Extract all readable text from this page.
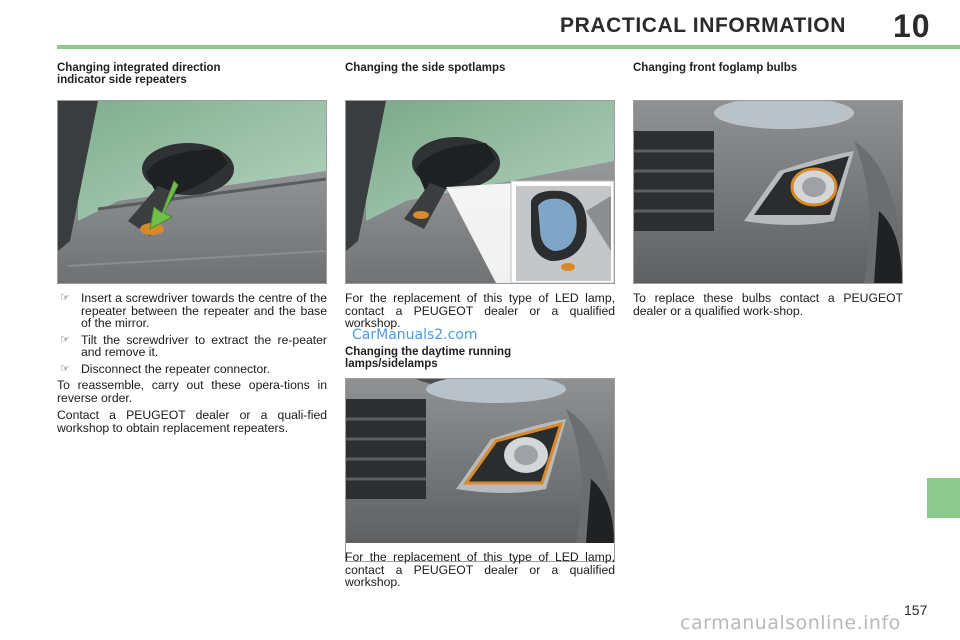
PRACTICAL INFORMATION 10
Changing integrated direction
indicator side repeaters
☞ Insert a screwdriver towards the centre of the repeater between the repeater and the base of the mirror.
☞ Tilt the screwdriver to extract the re-peater and remove it.
☞ Disconnect the repeater connector.

To reassemble, carry out these opera-tions in reverse order.

Contact a PEUGEOT dealer or a quali-fied workshop to obtain replacement repeaters.

Changing the side spotlamps

For the replacement of this type of LED lamp, contact a PEUGEOT dealer or a qualified workshop.

CarManuals2.com
Changing the daytime running
lamps/sidelamps

For the replacement of this type of LED lamp, contact a PEUGEOT dealer or a qualified workshop.

Changing front foglamp bulbs

To replace these bulbs contact a PEUGEOT dealer or a qualified work-shop.

157
carmanualsonline.info
